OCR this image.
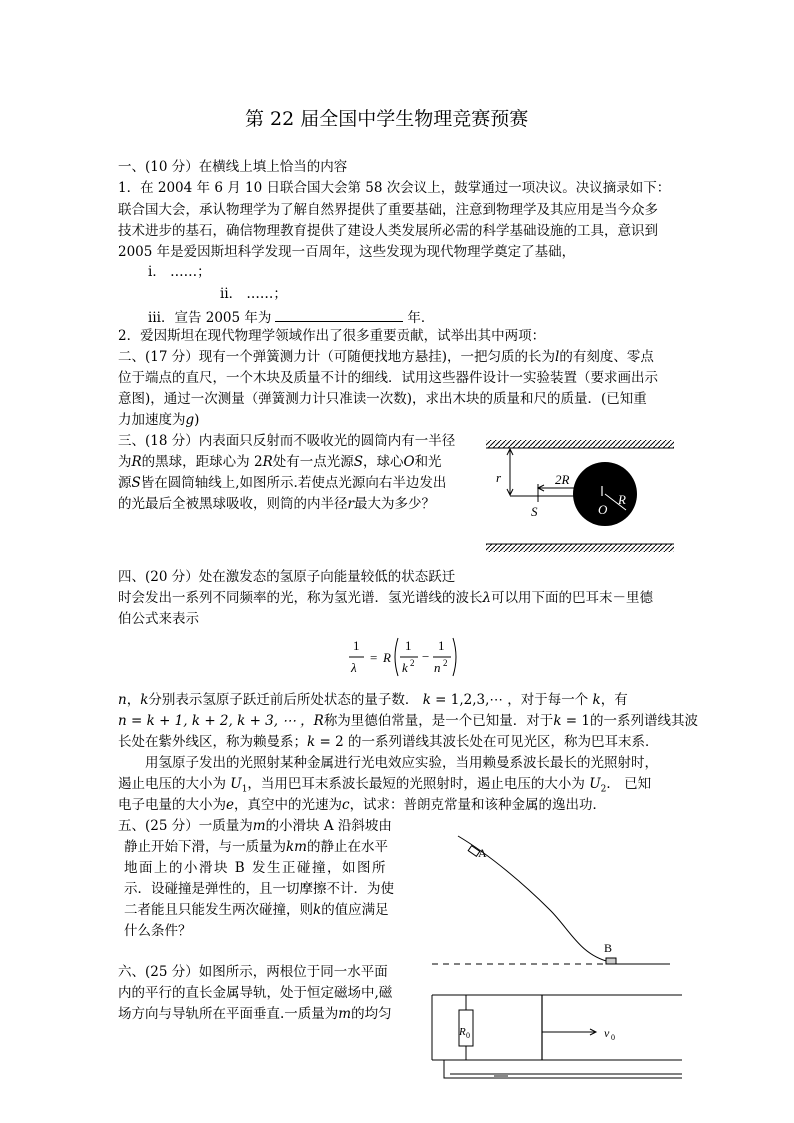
第 22 届全国中学生物理竞赛预赛
一、(10 分）在横线上填上恰当的内容
1．在 2004 年 6 月 10 日联合国大会第 58 次会议上，鼓掌通过一项决议。决议摘录如下：
联合国大会，承认物理学为了解自然界提供了重要基础，注意到物理学及其应用是当今众多
技术进步的基石，确信物理教育提供了建设人类发展所必需的科学基础设施的工具，意识到
2005 年是爱因斯坦科学发现一百周年，这些发现为现代物理学奠定了基础，
ⅰ． ……；
ⅱ． ……；
ⅲ．宣告 2005 年为	年．
2．爱因斯坦在现代物理学领域作出了很多重要贡献，试举出其中两项：
二、(17 分）现有一个弹簧测力计（可随便找地方悬挂)，一把匀质的长为l的有刻度、零点
位于端点的直尺，一个木块及质量不计的细线．试用这些器件设计一实验装置（要求画出示
意图)，通过一次测量（弹簧测力计只准读一次数)，求出木块的质量和尺的质量．(已知重
力加速度为g)
三、(18 分）内表面只反射而不吸收光的圆筒内有一半径
为R的黑球，距球心为 2R处有一点光源S，球心O和光
源S皆在圆筒轴线上,如图所示.若使点光源向右半边发出
的光最后全被黑球吸收，则筒的内半径r最大为多少？
r	2R
S	O
R
四、(20 分）处在激发态的氢原子向能量较低的状态跃迁
时会发出一系列不同频率的光，称为氢光谱．氢光谱线的波长λ可以用下面的巴耳末－里德
伯公式来表示
1
λ
= R
1
k 2 −
1
n 2
n，k分别表示氢原子跃迁前后所处状态的量子数． k = 1,2,3,⋯ ，对于每一个 k，有
n = k + 1, k + 2, k + 3, ⋯ ，R称为里德伯常量，是一个已知量．对于k = 1的一系列谱线其波
长处在紫外线区，称为赖曼系；k = 2 的一系列谱线其波长处在可见光区，称为巴耳末系．
用氢原子发出的光照射某种金属进行光电效应实验，当用赖曼系波长最长的光照射时，
遏止电压的大小为 $U_1$，当用巴耳末系波长最短的光照射时，遏止电压的大小为 $U_2$． 已知
电子电量的大小为e，真空中的光速为c，试求：普朗克常量和该种金属的逸出功．
五、(25 分）一质量为m的小滑块 A 沿斜坡由
静止开始下滑，与一质量为km的静止在水平
地面上的小滑块 B 发生正碰撞，如图所
示．设碰撞是弹性的，且一切摩擦不计．为使
二者能且只能发生两次碰撞，则k的值应满足
什么条件？
A
B
六、(25 分）如图所示，两根位于同一水平面
内的平行的直长金属导轨，处于恒定磁场中,磁
场方向与导轨所在平面垂直.一质量为m的均匀
R 0	v 0
